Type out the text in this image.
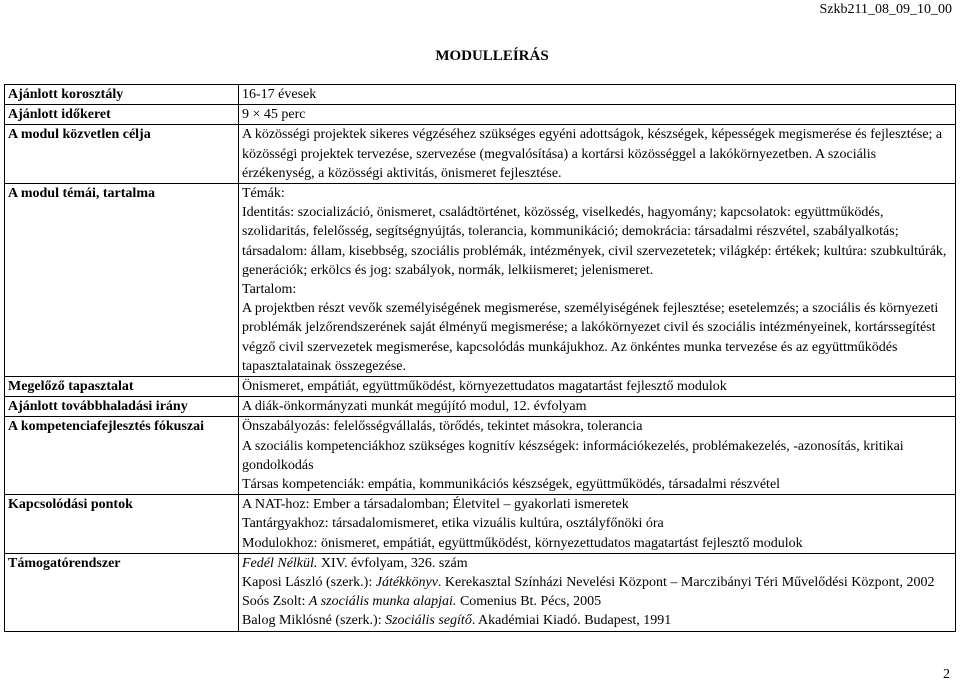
Szkb211_08_09_10_00
MODULLEÍRÁS
Ajánlott korosztály	16-17 évesek
Ajánlott időkeret	9 × 45 perc
A modul közvetlen célja	A közösségi projektek sikeres végzéséhez szükséges egyéni adottságok, készségek, képességek megismerése és fejlesztése; a közösségi projektek tervezése, szervezése (megvalósítása) a kortársi közösséggel a lakókörnyezetben. A szociális érzékenység, a közösségi aktivitás, önismeret fejlesztése.
A modul témái, tartalma	Témák:
Identitás: szocializáció, önismeret, családtörténet, közösség, viselkedés, hagyomány; kapcsolatok: együttműködés, szolidaritás, felelősség, segítségnyújtás, tolerancia, kommunikáció; demokrácia: társadalmi részvétel, szabályalkotás; társadalom: állam, kisebbség, szociális problémák, intézmények, civil szervezetetek; világkép: értékek; kultúra: szubkultúrák, generációk; erkölcs és jog: szabályok, normák, lelkiismeret; jelenismeret.
Tartalom:
A projektben részt vevők személyiségének megismerése, személyiségének fejlesztése; esetelemzés; a szociális és környezeti problémák jelzőrendszerének saját élményű megismerése; a lakókörnyezet civil és szociális intézményeinek, kortárssegítést végző civil szervezetek megismerése, kapcsolódás munkájukhoz. Az önkéntes munka tervezése és az együttműködés tapasztalatainak összegezése.

Megelőző tapasztalat	Önismeret, empátiát, együttműködést, környezettudatos magatartást fejlesztő modulok
Ajánlott továbbhaladási irány	A diák-önkormányzati munkát megújító modul, 12. évfolyam
A kompetenciafejlesztés fókuszai	Önszabályozás: felelősségvállalás, törődés, tekintet másokra, tolerancia
A szociális kompetenciákhoz szükséges kognitív készségek: információkezelés, problémakezelés, -azonosítás, kritikai gondolkodás
Társas kompetenciák: empátia, kommunikációs készségek, együttműködés, társadalmi részvétel

Kapcsolódási pontok	A NAT-hoz: Ember a társadalomban; Életvitel – gyakorlati ismeretek
Tantárgyakhoz: társadalomismeret, etika vizuális kultúra, osztályfőnöki óra
Modulokhoz: önismeret, empátiát, együttműködést, környezettudatos magatartást fejlesztő modulok

Támogatórendszer	Fedél Nélkül. XIV. évfolyam, 326. szám
Kaposi László (szerk.): Játékkönyv. Kerekasztal Színházi Nevelési Központ – Marczibányi Téri Művelődési Központ, 2002
Soós Zsolt: A szociális munka alapjai. Comenius Bt. Pécs, 2005
Balog Miklósné (szerk.): Szociális segítő. Akadémiai Kiadó. Budapest, 1991
2
